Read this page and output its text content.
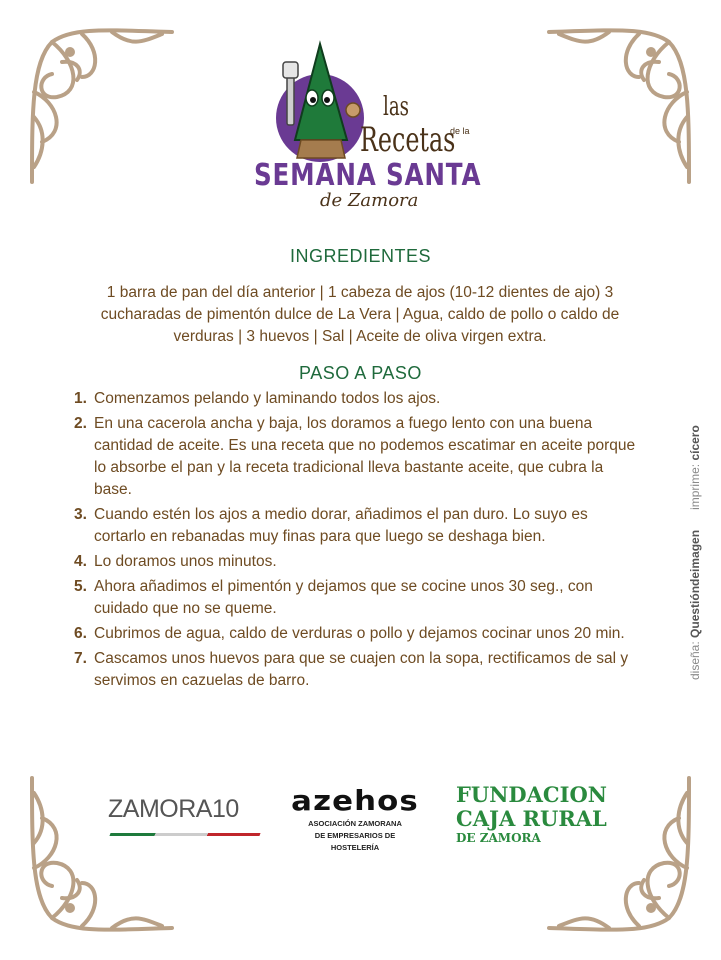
las
Recetas
de la
SEMANA SANTA
de Zamora
INGREDIENTES
1 barra de pan del día anterior | 1 cabeza de ajos (10-12 dientes de ajo) 3 cucharadas de pimentón dulce de La Vera | Agua, caldo de pollo o caldo de verduras | 3 huevos | Sal | Aceite de oliva virgen extra.
PASO A PASO
1. Comenzamos pelando y laminando todos los ajos.
2. En una cacerola ancha y baja, los doramos a fuego lento con una buena cantidad de aceite. Es una receta que no podemos escatimar en aceite porque lo absorbe el pan y la receta tradicional lleva bastante aceite, que cubra la base.
3. Cuando estén los ajos a medio dorar, añadimos el pan duro. Lo suyo es cortarlo en rebanadas muy finas para que luego se deshaga bien.
4. Lo doramos unos minutos.
5. Ahora añadimos el pimentón y dejamos que se cocine unos 30 seg., con cuidado que no se queme.
6. Cubrimos de agua, caldo de verduras o pollo y dejamos cocinar unos 20 min.
7. Cascamos unos huevos para que se cuajen con la sopa, rectificamos de sal y servimos en cazuelas de barro.
diseña: Questióndeimagen      imprime: cícero
ZAMORA10	azehos
ASOCIACIÓN ZAMORANA
DE EMPRESARIOS DE
HOSTELERÍA
FUNDACION
CAJA RURAL
DE ZAMORA
